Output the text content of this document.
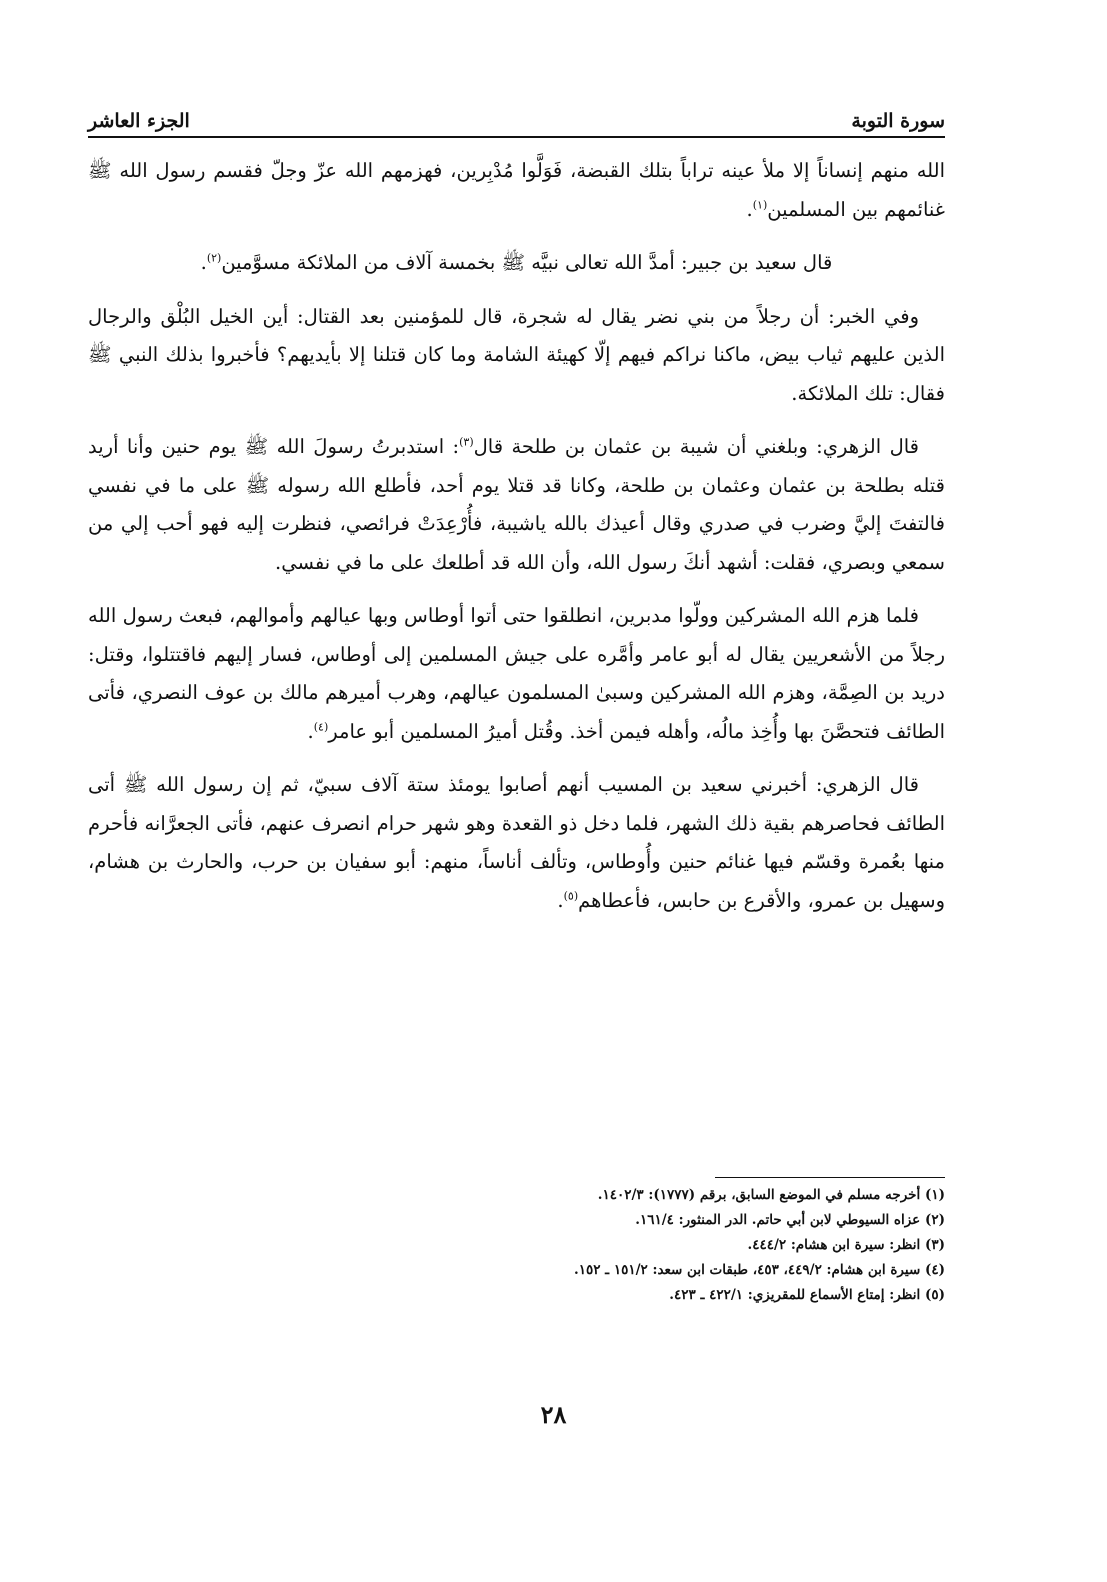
سورة التوبة
الجزء العاشر

الله منهم إنساناً إلا ملأ عينه تراباً بتلك القبضة، فَوَلَّوا مُدْبِرين، فهزمهم الله عزّ وجلّ فقسم رسول الله ﷺ غنائمهم بين المسلمين$^{(١)}$.

قال سعيد بن جبير: أمدَّ الله تعالى نبيَّه ﷺ بخمسة آلاف من الملائكة مسوَّمين$^{(٢)}$.

وفي الخبر: أن رجلاً من بني نضر يقال له شجرة، قال للمؤمنين بعد القتال: أين الخيل البُلْق والرجال الذين عليهم ثياب بيض، ماكنا نراكم فيهم إلّا كهيئة الشامة وما كان قتلنا إلا بأيديهم؟ فأخبروا بذلك النبي ﷺ فقال: تلك الملائكة.

قال الزهري: وبلغني أن شيبة بن عثمان بن طلحة قال$^{(٣)}$: استدبرتُ رسولَ الله ﷺ يوم حنين وأنا أريد قتله بطلحة بن عثمان وعثمان بن طلحة، وكانا قد قتلا يوم أحد، فأطلع الله رسوله ﷺ على ما في نفسي فالتفتَ إليَّ وضرب في صدري وقال أعيذك بالله ياشيبة، فأُرْعِدَتْ فرائصي، فنظرت إليه فهو أحب إلي من سمعي وبصري، فقلت: أشهد أنكَ رسول الله، وأن الله قد أطلعك على ما في نفسي.

فلما هزم الله المشركين وولّوا مدبرين، انطلقوا حتى أتوا أوطاس وبها عيالهم وأموالهم، فبعث رسول الله رجلاً من الأشعريين يقال له أبو عامر وأمَّره على جيش المسلمين إلى أوطاس، فسار إليهم فاقتتلوا، وقتل: دريد بن الصِمَّة، وهزم الله المشركين وسبىٰ المسلمون عيالهم، وهرب أميرهم مالك بن عوف النصري، فأتى الطائف فتحصَّنَ بها وأُخِذ مالُه، وأهله فيمن أخذ. وقُتل أميرُ المسلمين أبو عامر$^{(٤)}$.

قال الزهري: أخبرني سعيد بن المسيب أنهم أصابوا يومئذ ستة آلاف سبيّ، ثم إن رسول الله ﷺ أتى الطائف فحاصرهم بقية ذلك الشهر، فلما دخل ذو القعدة وهو شهر حرام انصرف عنهم، فأتى الجعرَّانه فأحرم منها بعُمرة وقسّم فيها غنائم حنين وأُوطاس، وتألف أناساً، منهم: أبو سفيان بن حرب، والحارث بن هشام، وسهيل بن عمرو، والأقرع بن حابس، فأعطاهم$^{(٥)}$.

(١) أخرجه مسلم في الموضع السابق، برقم (١٧٧٧): ١٤٠٢/٣.

(٢) عزاه السيوطي لابن أبي حاتم. الدر المنثور: ١٦١/٤.

(٣) انظر: سيرة ابن هشام: ٤٤٤/٢.

(٤) سيرة ابن هشام: ٤٤٩/٢، ٤٥٣، طبقات ابن سعد: ١٥١/٢ ـ ١٥٢.

(٥) انظر: إمتاع الأسماع للمقريزي: ٤٢٢/١ ـ ٤٢٣.

٢٨
